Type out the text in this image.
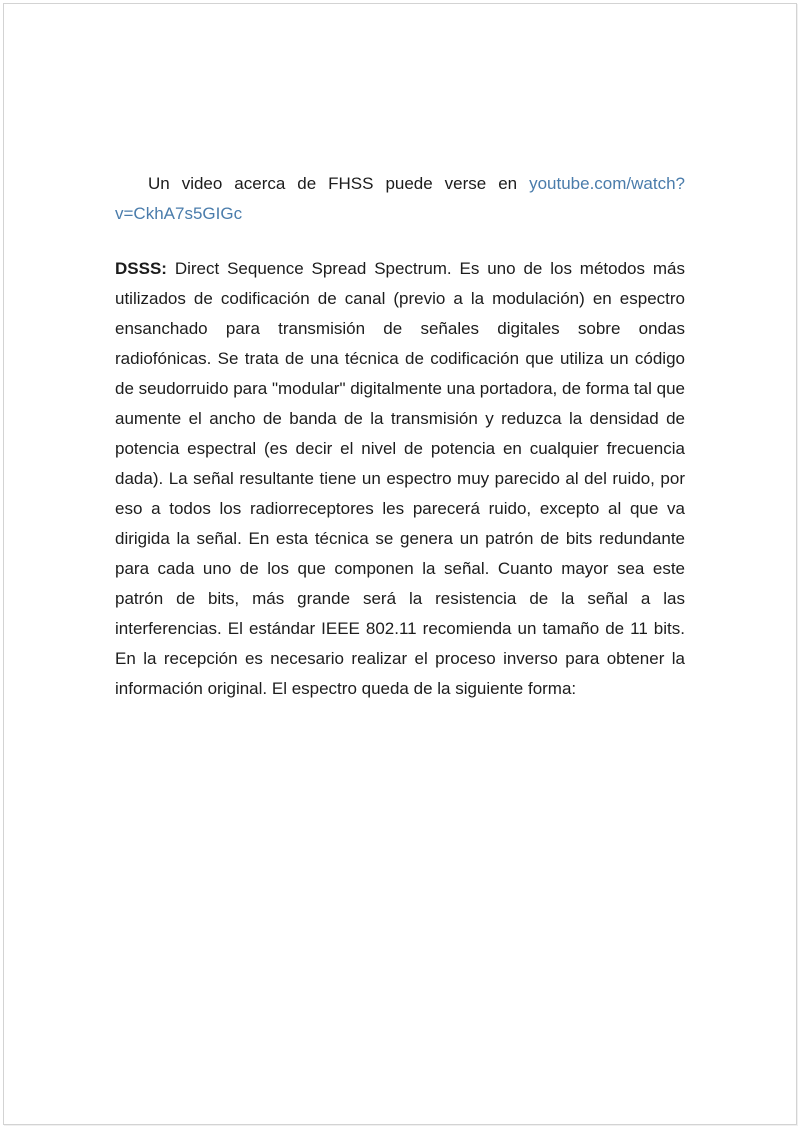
Un video acerca de FHSS puede verse en youtube.com/watch?v=CkhA7s5GIGc

DSSS: Direct Sequence Spread Spectrum. Es uno de los métodos más utilizados de codificación de canal (previo a la modulación) en espectro ensanchado para transmisión de señales digitales sobre ondas radiofónicas. Se trata de una técnica de codificación que utiliza un código de seudorruido para "modular" digitalmente una portadora, de forma tal que aumente el ancho de banda de la transmisión y reduzca la densidad de potencia espectral (es decir el nivel de potencia en cualquier frecuencia dada). La señal resultante tiene un espectro muy parecido al del ruido, por eso a todos los radiorreceptores les parecerá ruido, excepto al que va dirigida la señal. En esta técnica se genera un patrón de bits redundante para cada uno de los que componen la señal. Cuanto mayor sea este patrón de bits, más grande será la resistencia de la señal a las interferencias. El estándar IEEE 802.11 recomienda un tamaño de 11 bits. En la recepción es necesario realizar el proceso inverso para obtener la información original. El espectro queda de la siguiente forma:
